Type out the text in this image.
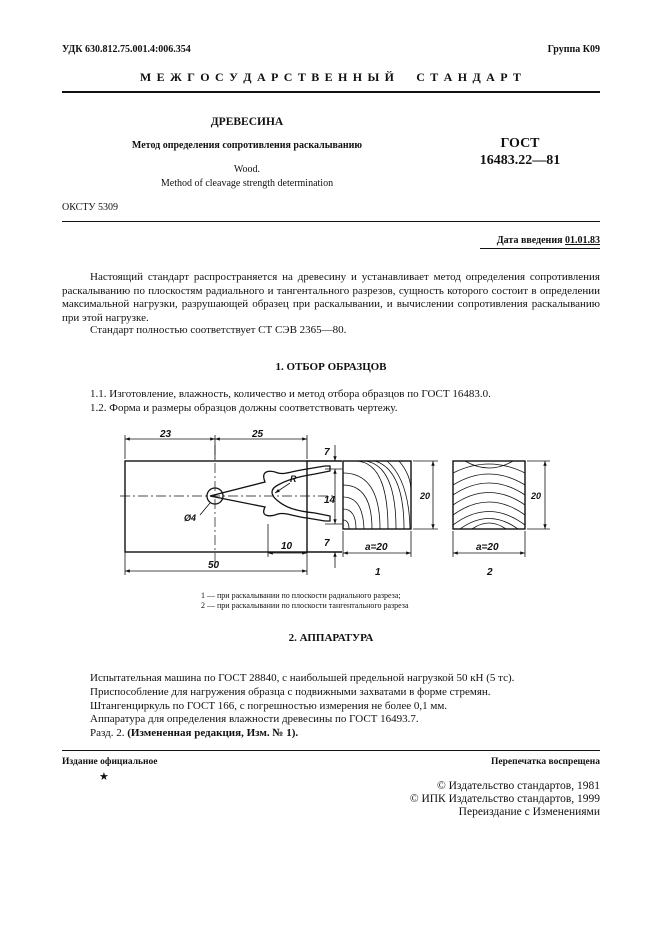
УДК 630.812.75.001.4:006.354	Группа К09
М Е Ж Г О С У Д А Р С Т В Е Н Н Ы Й     С Т А Н Д А Р Т
ДРЕВЕСИНА
Метод определения сопротивления раскалыванию
Wood.
Method of cleavage strength determination
ГОСТ
16483.22—81
ОКСТУ 5309
Дата введения 01.01.83
Настоящий стандарт распространяется на древесину и устанавливает метод определения сопротивления раскалыванию по плоскостям радиального и тангентального разрезов, сущность которого состоит в определении максимальной нагрузки, разрушающей образец при раскалывании, и вычислении сопротивления раскалыванию при этой нагрузке.
Стандарт полностью соответствует СТ СЭВ 2365—80.
1. ОТБОР ОБРАЗЦОВ
1.1. Изготовление, влажность, количество и метод отбора образцов по ГОСТ 16483.0.
1.2. Форма и размеры образцов должны соответствовать чертежу.
23	25
7
14
7
10
50
Ø4
R
20	20
a=20	a=20
1	2
1 — при раскалывании по плоскости радиального разреза;
2 — при раскалывании по плоскости тангентального разреза
2. АППАРАТУРА
Испытательная машина по ГОСТ 28840, с наибольшей предельной нагрузкой 50 кН (5 тс).
Приспособление для нагружения образца с подвижными захватами в форме стремян.
Штангенциркуль по ГОСТ 166, с погрешностью измерения не более 0,1 мм.
Аппаратура для определения влажности древесины по ГОСТ 16493.7.
Разд. 2. (Измененная редакция, Изм. № 1).
Издание официальное
★
Перепечатка воспрещена
© Издательство стандартов, 1981
© ИПК Издательство стандартов, 1999
Переиздание с Изменениями
